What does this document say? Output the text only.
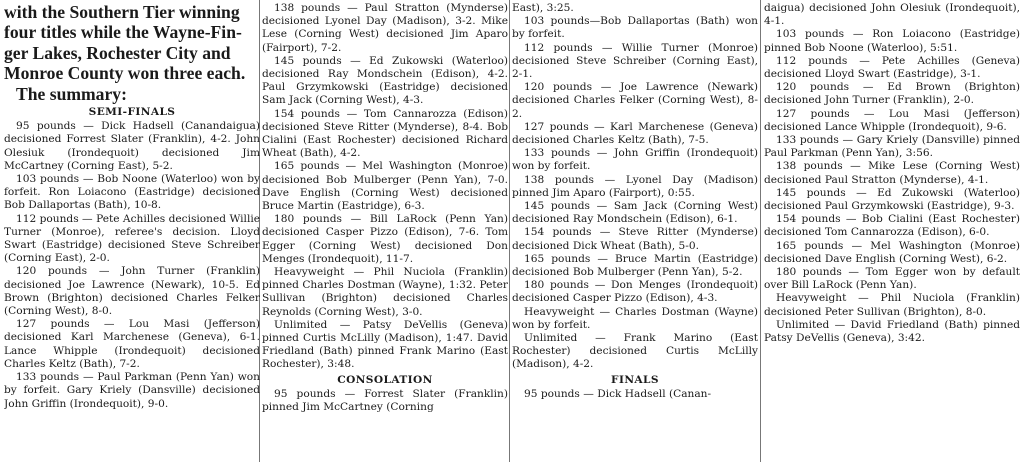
with the Southern Tier winning
four titles while the Wayne-Fin-
ger Lakes, Rochester City and
Monroe County won three each.
The summary:
SEMI-FINALS

95 pounds — Dick Hadsell (Canandaigua) decisioned Forrest Slater (Franklin), 4-2. John Olesiuk (Irondequoit) decisioned Jim McCartney (Corning East), 5-2.

103 pounds — Bob Noone (Waterloo) won by forfeit. Ron Loiacono (Eastridge) decisioned Bob Dallaportas (Bath), 10-8.

112 pounds — Pete Achilles decisioned Willie Turner (Monroe), referee's decision. Lloyd Swart (Eastridge) decisioned Steve Schreiber (Corning East), 2-0.

120 pounds — John Turner (Franklin) decisioned Joe Lawrence (Newark), 10-5. Ed Brown (Brighton) decisioned Charles Felker (Corning West), 8-0.

127 pounds — Lou Masi (Jefferson) decisioned Karl Marchenese (Geneva), 6-1. Lance Whipple (Irondequoit) decisioned Charles Keltz (Bath), 7-2.

133 pounds — Paul Parkman (Penn Yan) won by forfeit. Gary Kriely (Dansville) decisioned John Griffin (Irondequoit), 9-0.

138 pounds — Paul Stratton (Mynderse) decisioned Lyonel Day (Madison), 3-2. Mike Lese (Corning West) decisioned Jim Aparo (Fairport), 7-2.

145 pounds — Ed Zukowski (Waterloo) decisioned Ray Mondschein (Edison), 4-2. Paul Grzymkowski (Eastridge) decisioned Sam Jack (Corning West), 4-3.

154 pounds — Tom Cannarozza (Edison) decisioned Steve Ritter (Mynderse), 8-4. Bob Cialini (East Rochester) decisioned Richard Wheat (Bath), 4-2.

165 pounds — Mel Washington (Monroe) decisioned Bob Mulberger (Penn Yan), 7-0. Dave English (Corning West) decisioned Bruce Martin (Eastridge), 6-3.

180 pounds — Bill LaRock (Penn Yan) decisioned Casper Pizzo (Edison), 7-6. Tom Egger (Corning West) decisioned Don Menges (Irondequoit), 11-7.

Heavyweight — Phil Nuciola (Franklin) pinned Charles Dostman (Wayne), 1:32. Peter Sullivan (Brighton) decisioned Charles Reynolds (Corning West), 3-0.

Unlimited — Patsy DeVellis (Geneva) pinned Curtis McLilly (Madison), 1:47. David Friedland (Bath) pinned Frank Marino (East Rochester), 3:48.

CONSOLATION

95 pounds — Forrest Slater (Franklin) pinned Jim McCartney (Corning

East), 3:25.

103 pounds—Bob Dallaportas (Bath) won by forfeit.

112 pounds — Willie Turner (Monroe) decisioned Steve Schreiber (Corning East), 2-1.

120 pounds — Joe Lawrence (Newark) decisioned Charles Felker (Corning West), 8-2.

127 pounds — Karl Marchenese (Geneva) decisioned Charles Keltz (Bath), 7-5.

133 pounds — John Griffin (Irondequoit) won by forfeit.

138 pounds — Lyonel Day (Madison) pinned Jim Aparo (Fairport), 0:55.

145 pounds — Sam Jack (Corning West) decisioned Ray Mondschein (Edison), 6-1.

154 pounds — Steve Ritter (Mynderse) decisioned Dick Wheat (Bath), 5-0.

165 pounds — Bruce Martin (Eastridge) decisioned Bob Mulberger (Penn Yan), 5-2.

180 pounds — Don Menges (Irondequoit) decisioned Casper Pizzo (Edison), 4-3.

Heavyweight — Charles Dostman (Wayne) won by forfeit.

Unlimited — Frank Marino (East Rochester) decisioned Curtis McLilly (Madison), 4-2.

FINALS

95 pounds — Dick Hadsell (Canan-

daigua) decisioned John Olesiuk (Irondequoit), 4-1.

103 pounds — Ron Loiacono (Eastridge) pinned Bob Noone (Waterloo), 5:51.

112 pounds — Pete Achilles (Geneva) decisioned Lloyd Swart (Eastridge), 3-1.

120 pounds — Ed Brown (Brighton) decisioned John Turner (Franklin), 2-0.

127 pounds — Lou Masi (Jefferson) decisioned Lance Whipple (Irondequoit), 9-6.

133 pounds — Gary Kriely (Dansville) pinned Paul Parkman (Penn Yan), 3:56.

138 pounds — Mike Lese (Corning West) decisioned Paul Stratton (Mynderse), 4-1.

145 pounds — Ed Zukowski (Waterloo) decisioned Paul Grzymkowski (Eastridge), 9-3.

154 pounds — Bob Cialini (East Rochester) decisioned Tom Cannarozza (Edison), 6-0.

165 pounds — Mel Washington (Monroe) decisioned Dave English (Corning West), 6-2.

180 pounds — Tom Egger won by default over Bill LaRock (Penn Yan).

Heavyweight — Phil Nuciola (Franklin) decisioned Peter Sullivan (Brighton), 8-0.

Unlimited — David Friedland (Bath) pinned Patsy DeVellis (Geneva), 3:42.
